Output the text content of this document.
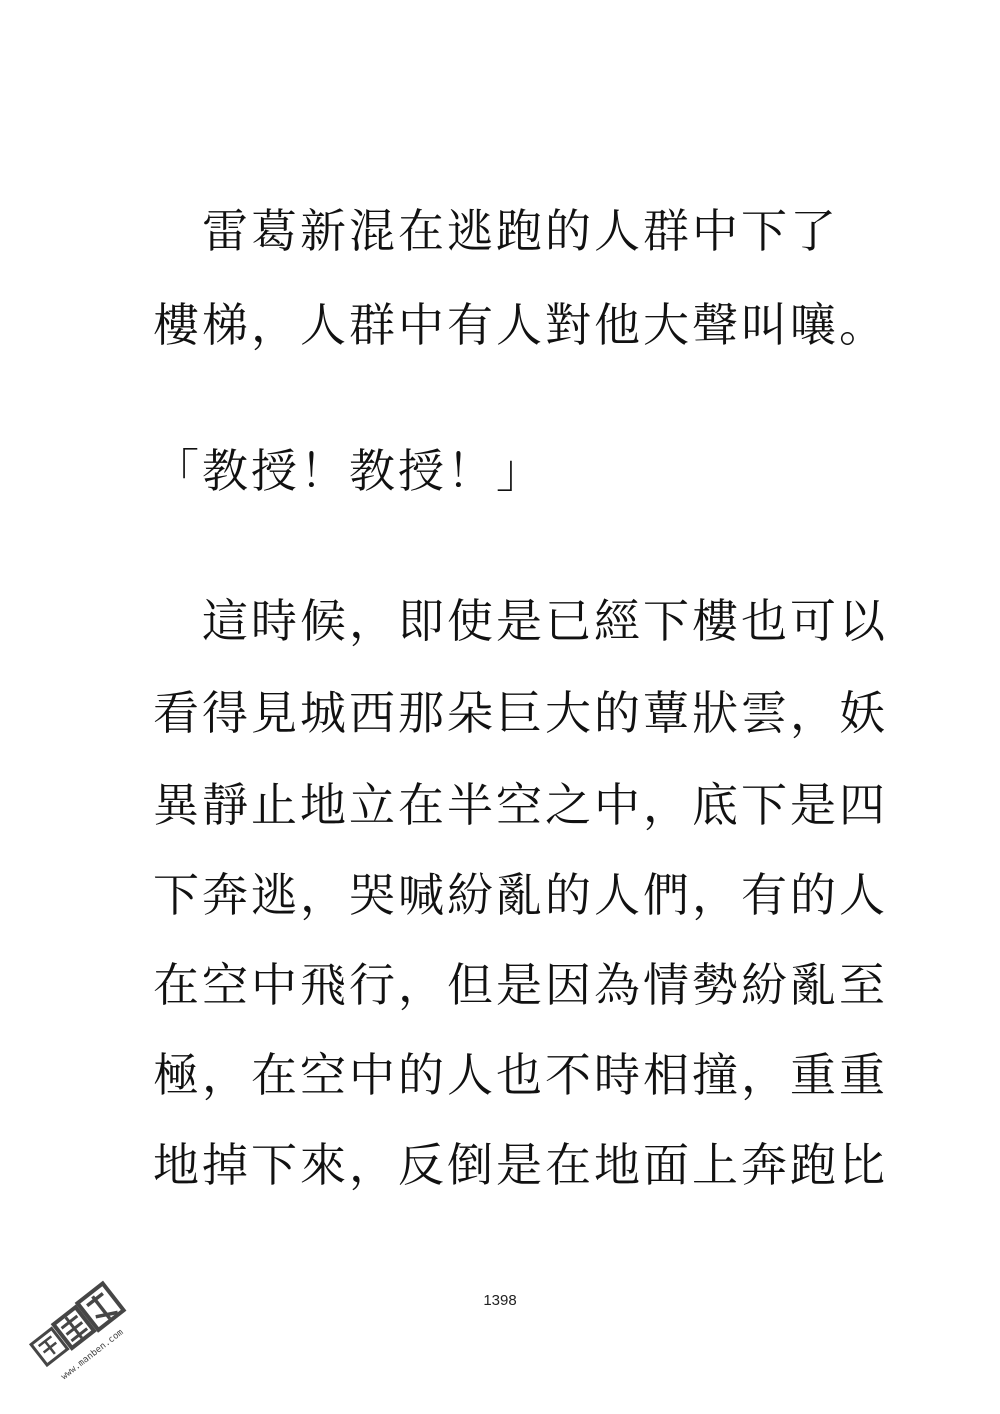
　雷葛新混在逃跑的人群中下了
樓梯，人群中有人對他大聲叫嚷。
「教授！教授！」
　這時候，即使是已經下樓也可以
看得見城西那朵巨大的蕈狀雲，妖
異靜止地立在半空之中，底下是四
下奔逃，哭喊紛亂的人們，有的人
在空中飛行，但是因為情勢紛亂至
極，在空中的人也不時相撞，重重
地掉下來，反倒是在地面上奔跑比
1398
www.manben.com
